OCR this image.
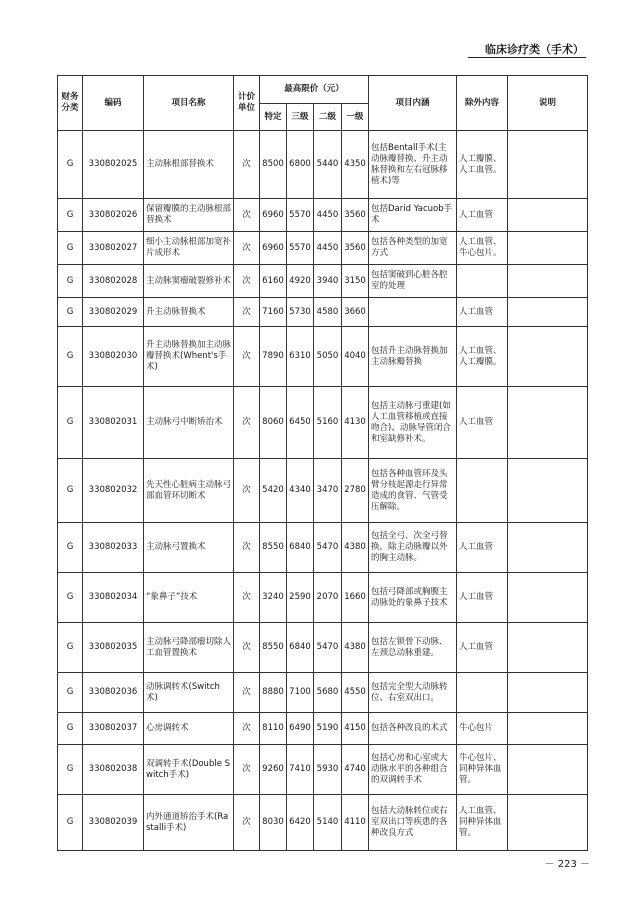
临床诊疗类（手术）
财务分类	编码	项目名称	计价单位	最高限价（元）				项目内涵	除外内容	说明
				特定	三级	二级	一级			
G	330802025	主动脉根部替换术	次	8500	6800	5440	4350	包括Bentall手术(主动脉瓣替换、升主动脉替换和左右冠脉移植术)等	人工瓣膜、人工血管。	
G	330802026	保留瓣膜的主动脉根部替换术	次	6960	5570	4450	3560	包括Darid Yacuob手术	人工血管	
G	330802027	细小主动脉根部加宽补片成形术	次	6960	5570	4450	3560	包括各种类型的加宽方式	人工血管、牛心包片。	
G	330802028	主动脉窦瘤破裂修补术	次	6160	4920	3940	3150	包括窦破到心脏各腔室的处理		
G	330802029	升主动脉替换术	次	7160	5730	4580	3660		人工血管	
G	330802030	升主动脉替换加主动脉瓣替换术(Whent's手术)	次	7890	6310	5050	4040	包括升主动脉替换加主动脉瓣替换	人工血管、人工瓣膜。	
G	330802031	主动脉弓中断矫治术	次	8060	6450	5160	4130	包括主动脉弓重建(如人工血管移植或直接吻合)、动脉导管闭合和室缺修补术。	人工血管	
G	330802032	先天性心脏病主动脉弓部血管环切断术	次	5420	4340	3470	2780	包括各种血管环及头臂分枝起源走行异常造成的食管、气管受压解除。		
G	330802033	主动脉弓置换术	次	8550	6840	5470	4380	包括全弓、次全弓替换，除主动脉瓣以外的胸主动脉。	人工血管	
G	330802034	“象鼻子”技术	次	3240	2590	2070	1660	包括弓降部或胸腹主动脉处的象鼻子技术	人工血管	
G	330802035	主动脉弓降部瘤切除人工血管置换术	次	8550	6840	5470	4380	包括左锁骨下动脉、左颈总动脉重建。	人工血管	
G	330802036	动脉调转术(Switch术)	次	8880	7100	5680	4550	包括完全型大动脉转位、右室双出口。		
G	330802037	心房调转术	次	8110	6490	5190	4150	包括各种改良的术式	牛心包片	
G	330802038	双调转手术(Double Switch手术)	次	9260	7410	5930	4740	包括心房和心室或大动脉水平的各种组合的双调转手术	牛心包片、同种异体血管。	
G	330802039	内外通道矫治手术(Rastalli手术)	次	8030	6420	5140	4110	包括大动脉转位或右室双出口等疾患的各种改良方式	人工血管、同种异体血管。	
－ 223 －
